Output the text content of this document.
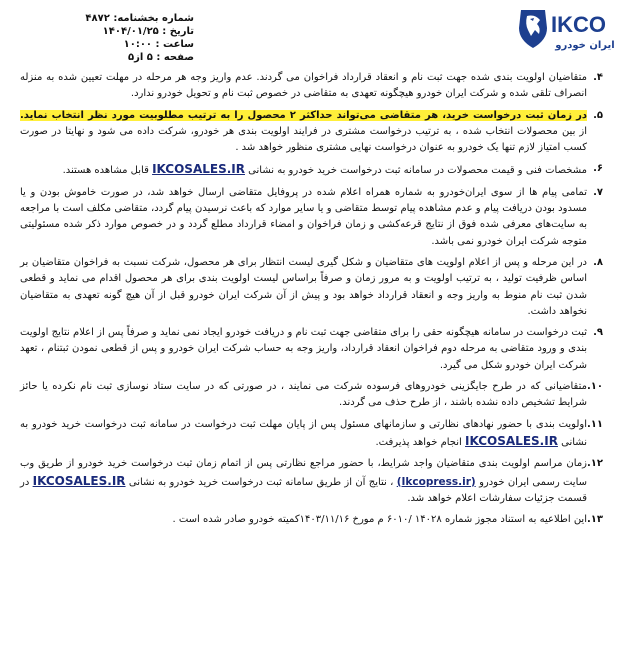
IKCO
ایران خودرو
شماره بخشنامه: ۴۸۷۲
تاریخ : ۱۴۰۴/۰۱/۲۵
ساعت : ۱۰:۰۰
صفحه : ۵ از۵
۴.
متقاضیان اولویت بندی شده جهت ثبت نام و انعقاد قرارداد فراخوان می گردند. عدم واریز وجه هر مرحله در مهلت تعیین شده به منزله انصراف تلقی شده و شرکت ایران خودرو هیچگونه تعهدی به متقاضی در خصوص ثبت نام و تحویل خودرو ندارد.
۵.
در زمان ثبت درخواست خرید، هر متقاضی می‌تواند حداکثر ۲ محصول را به ترتیب مطلوبیت مورد نظر انتخاب نماید. از بین محصولات انتخاب شده ، به ترتیب درخواست مشتری در فرایند اولویت بندی هر خودرو، شرکت داده می شود و نهایتا در صورت کسب امتیاز لازم تنها یک خودرو به عنوان درخواست نهایی مشتری منظور خواهد شد .
۶.
مشخصات فنی و قیمت محصولات در سامانه ثبت درخواست خرید خودرو به نشانی IKCOSALES.IR قابل مشاهده هستند.
۷.
تمامی پیام ها از سوی ایران‌خودرو به شماره همراه اعلام شده در پروفایل متقاضی ارسال خواهد شد، در صورت خاموش بودن و یا مسدود بودن دریافت پیام و عدم مشاهده پیام توسط متقاضی و یا سایر موارد که باعث نرسیدن پیام گردد، متقاضی مکلف است با مراجعه به سایت‌های معرفی شده فوق از نتایج قرعه‌کشی و زمان فراخوان و امضاء قرارداد مطلع گردد و در خصوص موارد ذکر شده مسئولیتی متوجه شرکت ایران خودرو نمی باشد.
۸.
در این مرحله و پس از اعلام اولویت های متقاضیان و شکل گیری لیست انتظار برای هر محصول، شرکت نسبت به فراخوان متقاضیان بر اساس ظرفیت تولید ، به ترتیب اولویت و به مرور زمان و صرفاً براساس لیست اولویت بندی برای هر محصول اقدام می نماید و قطعی شدن ثبت نام منوط به واریز وجه و انعقاد قرارداد خواهد بود و پیش از آن شرکت ایران خودرو قبل از آن هیچ گونه تعهدی به متقاضیان نخواهد داشت.
۹.
ثبت درخواست در سامانه هیچگونه حقی را برای متقاضی جهت ثبت نام و دریافت خودرو ایجاد نمی نماید و صرفاً پس از اعلام نتایج اولویت بندی و ورود متقاضی به مرحله دوم فراخوان انعقاد قرارداد، واریز وجه به حساب شرکت ایران خودرو و پس از قطعی نمودن ثبتنام ، تعهد شرکت ایران خودرو شکل می گیرد.
۱۰.
متقاضیانی که در طرح جایگزینی خودروهای فرسوده شرکت می نمایند ، در صورتی که در سایت ستاد نوسازی ثبت نام نکرده یا حائز شرایط تشخیص داده نشده باشند ، از طرح حذف می گردند.
۱۱.
اولویت بندی با حضور نهادهای نظارتی و سازمانهای مسئول پس از پایان مهلت ثبت درخواست در سامانه ثبت درخواست خرید خودرو به نشانی IKCOSALES.IR انجام خواهد پذیرفت.
۱۲.
زمان مراسم اولویت بندی متقاضیان واجد شرایط، با حضور مراجع نظارتی پس از اتمام زمان ثبت درخواست خرید خودرو از طریق وب سایت رسمی ایران خودرو (Ikcopress.ir) ، نتایج آن از طریق سامانه ثبت درخواست خرید خودرو به نشانی IKCOSALES.IR در قسمت جزئیات سفارشات اعلام خواهد شد.
۱۳.
این اطلاعیه به استناد مجوز شماره ۱۴۰۲۸ /۶۰۱۰ م مورخ ۱۴۰۳/۱۱/۱۶کمیته خودرو صادر شده است .
